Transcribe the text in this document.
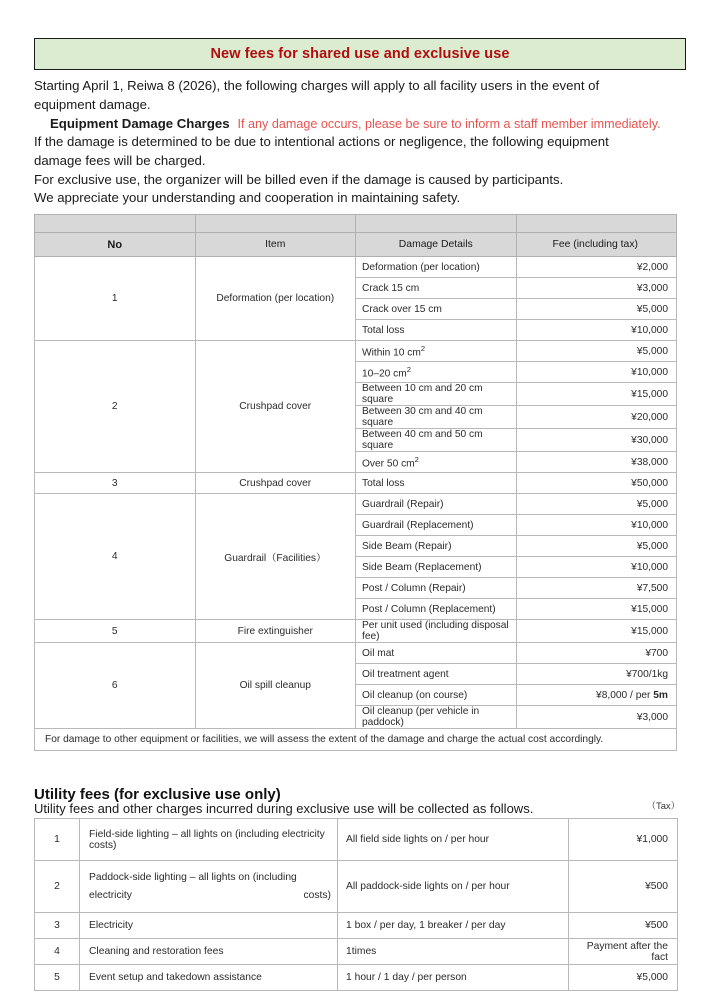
New fees for shared use and exclusive use

Starting April 1, Reiwa 8 (2026), the following charges will apply to all facility users in the event of

equipment damage.

Equipment Damage Charges If any damage occurs, please be sure to inform a staff member immediately.

If the damage is determined to be due to intentional actions or negligence, the following equipment

damage fees will be charged.

For exclusive use, the organizer will be billed even if the damage is caused by participants.

We appreciate your understanding and cooperation in maintaining safety.

No	Item	Damage Details	Fee (including tax)
1	Deformation (per location)	Deformation (per location)	¥2,000
		Crack 15 cm	¥3,000
		Crack over 15 cm	¥5,000
		Total loss	¥10,000
2	Crushpad cover	Within 10 $cm^2$	¥5,000
		10–20 $cm^2$	¥10,000
		Between 10 cm and 20 cm square	¥15,000
		Between 30 cm and 40 cm square	¥20,000
		Between 40 cm and 50 cm square	¥30,000
		Over 50 $cm^2$	¥38,000
3	Crushpad cover	Total loss	¥50,000
4	Guardrail（Facilities）	Guardrail (Repair)	¥5,000
		Guardrail (Replacement)	¥10,000
		Side Beam (Repair)	¥5,000
		Side Beam (Replacement)	¥10,000
		Post / Column (Repair)	¥7,500
		Post / Column (Replacement)	¥15,000
5	Fire extinguisher	Per unit used (including disposal fee)	¥15,000
6	Oil spill cleanup	Oil mat	¥700
		Oil treatment agent	¥700/1kg
		Oil cleanup (on course)	¥8,000 / per 5m
		Oil cleanup (per vehicle in paddock)	¥3,000
For damage to other equipment or facilities, we will assess the extent of the damage and charge the actual cost accordingly.			
（Tax）

Utility fees (for exclusive use only)

Utility fees and other charges incurred during exclusive use will be collected as follows.

1	Field-side lighting – all lights on (including electricity costs)	All field side lights on / per hour	¥1,000
2	Paddock-side lighting – all lights on (including electricity costs)	All paddock-side lights on / per hour	¥500
3	Electricity	1 box / per day, 1 breaker / per day	¥500
4	Cleaning and restoration fees	1times	Payment after the fact
5	Event setup and takedown assistance	1 hour / 1 day / per person	¥5,000
